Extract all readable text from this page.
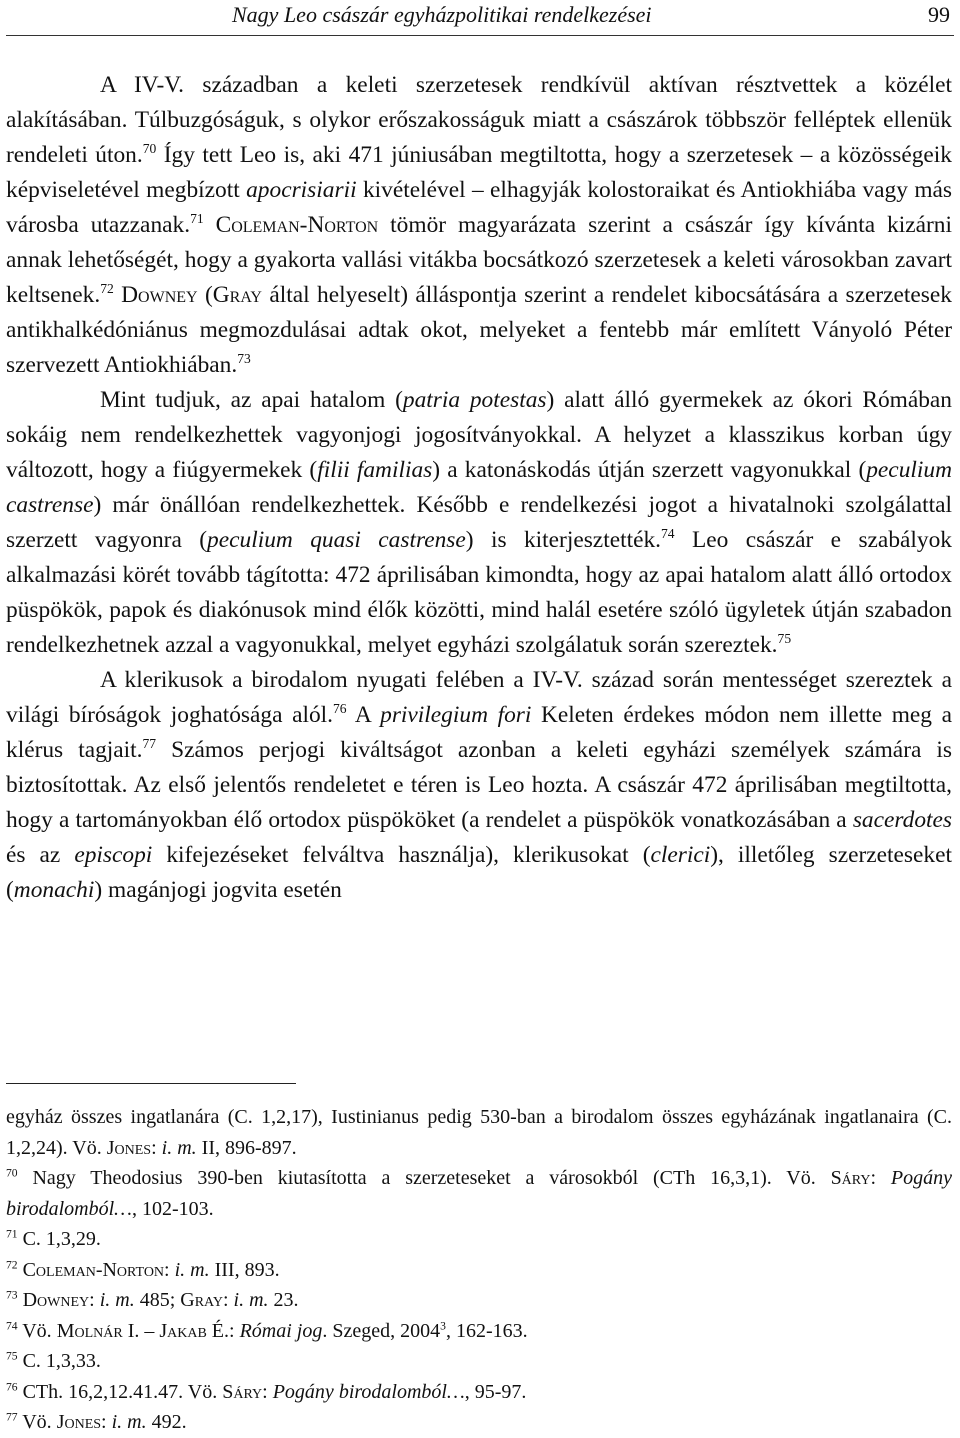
Nagy Leo császár egyházpolitikai rendelkezései	99

A IV-V. században a keleti szerzetesek rendkívül aktívan résztvettek a közélet alakításában. Túlbuzgóságuk, s olykor erőszakosságuk miatt a császárok többször felléptek ellenük rendeleti úton.$^{70}$ Így tett Leo is, aki 471 júniusában megtiltotta, hogy a szerzetesek – a közösségeik képviseletével megbízott apocrisiarii kivételével – elhagyják kolostoraikat és Antiokhiába vagy más városba utazzanak.$^{71}$ Coleman-Norton tömör magyarázata szerint a császár így kívánta kizárni annak lehetőségét, hogy a gyakorta vallási vitákba bocsátkozó szerzetesek a keleti városokban zavart keltsenek.$^{72}$ Downey (Gray által helyeselt) álláspontja szerint a rendelet kibocsátására a szerzetesek antikhalkédóniánus megmozdulásai adtak okot, melyeket a fentebb már említett Ványoló Péter szervezett Antiokhiában.$^{73}$

Mint tudjuk, az apai hatalom (patria potestas) alatt álló gyermekek az ókori Rómában sokáig nem rendelkezhettek vagyonjogi jogosítványokkal. A helyzet a klasszikus korban úgy változott, hogy a fiúgyermekek (filii familias) a katonáskodás útján szerzett vagyonukkal (peculium castrense) már önállóan rendelkezhettek. Később e rendelkezési jogot a hivatalnoki szolgálattal szerzett vagyonra (peculium quasi castrense) is kiterjesztették.$^{74}$ Leo császár e szabályok alkalmazási körét tovább tágította: 472 áprilisában kimondta, hogy az apai hatalom alatt álló ortodox püspökök, papok és diakónusok mind élők közötti, mind halál esetére szóló ügyletek útján szabadon rendelkezhetnek azzal a vagyonukkal, melyet egyházi szolgálatuk során szereztek.$^{75}$

A klerikusok a birodalom nyugati felében a IV-V. század során mentességet szereztek a világi bíróságok joghatósága alól.$^{76}$ A privilegium fori Keleten érdekes módon nem illette meg a klérus tagjait.$^{77}$ Számos perjogi kiváltságot azonban a keleti egyházi személyek számára is biztosítottak. Az első jelentős rendeletet e téren is Leo hozta. A császár 472 áprilisában megtiltotta, hogy a tartományokban élő ortodox püspököket (a rendelet a püspökök vonatkozásában a sacerdotes és az episcopi kifejezéseket felváltva használja), klerikusokat (clerici), illetőleg szerzeteseket (monachi) magánjogi jogvita esetén

egyház összes ingatlanára (C. 1,2,17), Iustinianus pedig 530-ban a birodalom összes egyházának ingatlanaira (C. 1,2,24). Vö. Jones: i. m. II, 896-897.

$^{70}$ Nagy Theodosius 390-ben kiutasította a szerzeteseket a városokból (CTh 16,3,1). Vö. Sáry: Pogány birodalomból…, 102-103.

$^{71}$ C. 1,3,29.

$^{72}$ Coleman-Norton: i. m. III, 893.

$^{73}$ Downey: i. m. 485; Gray: i. m. 23.

$^{74}$ Vö. Molnár I. – Jakab É.: Római jog. Szeged, 2004$^3$, 162-163.

$^{75}$ C. 1,3,33.

$^{76}$ CTh. 16,2,12.41.47. Vö. Sáry: Pogány birodalomból…, 95-97.

$^{77}$ Vö. Jones: i. m. 492.
